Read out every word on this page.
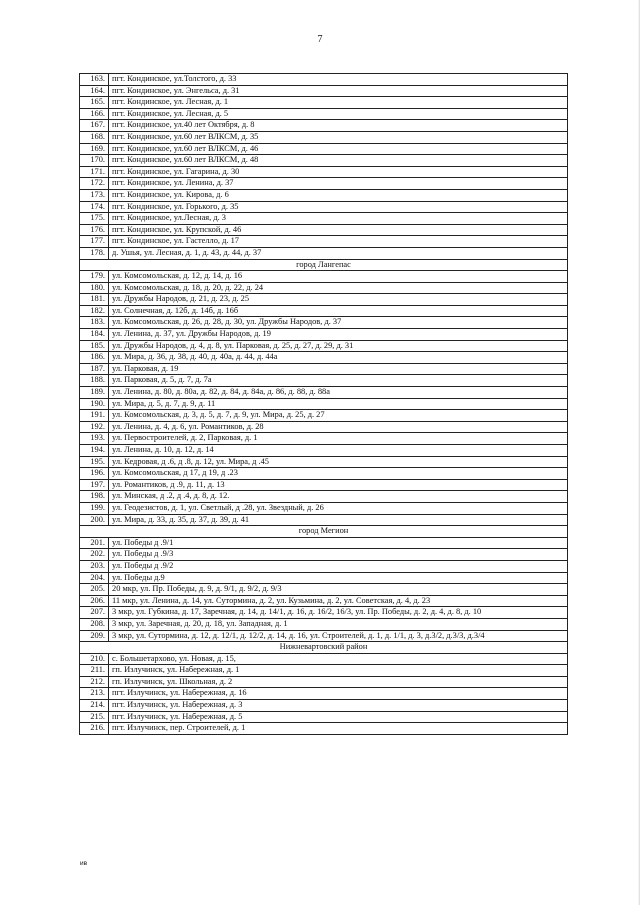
7
163.	пгт. Кондинское, ул.Толстого, д. 33
164.	пгт. Кондинское, ул. Энгельса, д. 31
165.	пгт. Кондинское, ул. Лесная, д. 1
166.	пгт. Кондинское, ул. Лесная, д. 5
167.	пгт. Кондинское, ул.40 лет Октября, д. 8
168.	пгт. Кондинское, ул.60 лет ВЛКСМ, д. 35
169.	пгт. Кондинское, ул.60 лет ВЛКСМ, д. 46
170.	пгт. Кондинское, ул.60 лет ВЛКСМ, д. 48
171.	пгт. Кондинское, ул. Гагарина, д. 30
172.	пгт. Кондинское, ул. Ленина, д. 37
173.	пгт. Кондинское, ул. Кирова, д. 6
174.	пгт. Кондинское, ул. Горького, д. 35
175.	пгт. Кондинское, ул.Лесная, д. 3
176.	пгт. Кондинское, ул. Крупской, д. 46
177.	пгт. Кондинское, ул. Гастелло, д. 17
178.	д. Ушья, ул. Лесная, д. 1, д. 43, д. 44, д. 37
город Лангепас	
179.	ул. Комсомольская, д. 12, д. 14, д. 16
180.	ул. Комсомольская, д. 18, д. 20, д. 22, д. 24
181.	ул. Дружбы Народов, д. 21, д. 23, д. 25
182.	ул. Солнечная, д. 12б, д. 14б, д. 16б
183.	ул. Комсомольская, д. 26, д. 28, д. 30, ул. Дружбы Народов, д. 37
184.	ул. Ленина, д. 37, ул. Дружбы Народов, д. 19
185.	ул. Дружбы Народов, д. 4, д. 8, ул. Парковая, д. 25, д. 27, д. 29, д. 31
186.	ул. Мира, д. 36, д. 38, д. 40, д. 40а, д. 44, д. 44а
187.	ул. Парковая, д. 19
188.	ул. Парковая, д. 5, д. 7, д. 7а
189.	ул. Ленина, д. 80, д. 80а, д. 82, д. 84, д. 84а, д. 86, д. 88, д. 88а
190.	ул. Мира, д. 5, д. 7, д. 9, д. 11
191.	ул. Комсомольская, д. 3, д. 5, д. 7, д. 9, ул. Мира, д. 25, д. 27
192.	ул. Ленина, д. 4, д. 6, ул. Романтиков, д. 28
193.	ул. Первостроителей, д. 2, Парковая, д. 1
194.	ул. Ленина, д. 10, д. 12, д. 14
195.	ул. Кедровая, д .6, д .8, д. 12, ул. Мира, д .45
196.	ул. Комсомольская, д 17, д 19, д .23
197.	ул. Романтиков, д .9, д. 11, д. 13
198.	ул. Минская, д .2, д .4, д. 8, д. 12.
199.	ул. Геодезистов, д. 1, ул. Светлый, д .28, ул. Звездный, д. 26
200.	ул. Мира, д. 33, д. 35, д. 37, д. 39, д. 41
город Мегион	
201.	ул. Победы д .9/1
202.	ул. Победы д .9/3
203.	ул. Победы д .9/2
204.	ул. Победы д.9
205.	20 мкр, ул. Пр. Победы, д. 9, д. 9/1, д. 9/2, д. 9/3
206.	11 мкр, ул. Ленина, д. 14, ул. Сутормина, д. 2, ул. Кузьмина, д. 2, ул. Советская, д. 4, д. 23
207.	3 мкр, ул. Губкина, д. 17, Заречная, д. 14, д. 14/1, д. 16, д. 16/2, 16/3, ул. Пр. Победы, д. 2, д. 4, д. 8, д. 10
208.	3 мкр, ул. Заречная, д. 20, д. 18, ул. Западная, д. 1
209.	3 мкр, ул. Сутормина, д. 12, д. 12/1, д. 12/2, д. 14, д. 16, ул. Строителей, д. 1, д. 1/1, д. 3, д.3/2, д.3/3, д.3/4
Нижневартовский район	
210.	с. Большетархово, ул. Новая, д. 15,
211.	гп. Излучинск, ул. Набережная, д. 1
212.	гп. Излучинск, ул. Школьная, д. 2
213.	пгт. Излучинск, ул. Набережная, д. 16
214.	пгт. Излучинск, ул. Набережная, д. 3
215.	пгт. Излучинск, ул. Набережная, д. 5
216.	пгт. Излучинск, пер. Строителей, д. 1
ив
